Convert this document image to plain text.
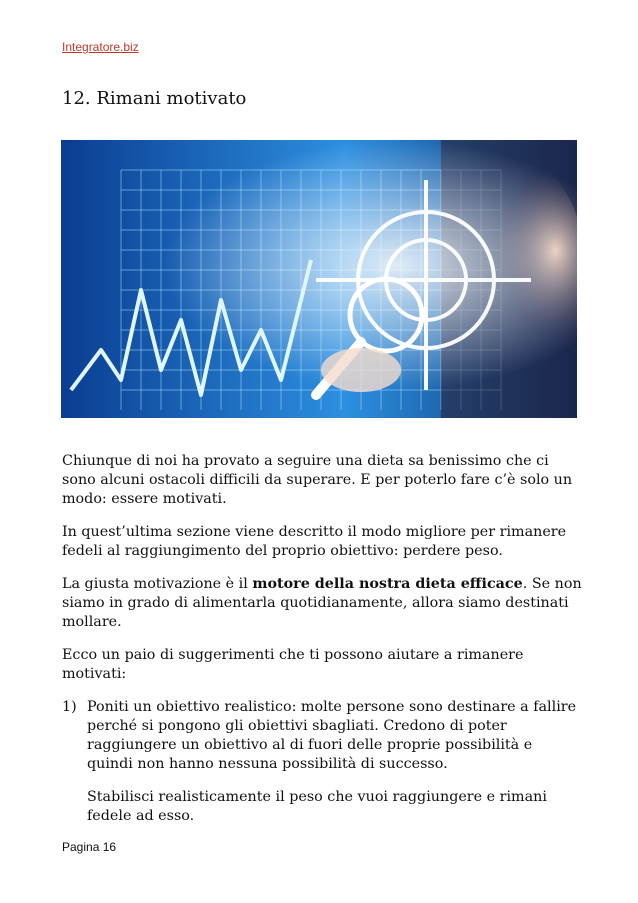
Integratore.biz
12. Rimani motivato

Chiunque di noi ha provato a seguire una dieta sa benissimo che ci sono alcuni ostacoli difficili da superare. E per poterlo fare c’è solo un modo: essere motivati.

In quest’ultima sezione viene descritto il modo migliore per rimanere fedeli al raggiungimento del proprio obiettivo: perdere peso.

La giusta motivazione è il motore della nostra dieta efficace. Se non siamo in grado di alimentarla quotidianamente, allora siamo destinati mollare.

Ecco un paio di suggerimenti che ti possono aiutare a rimanere motivati:

1) Poniti un obiettivo realistico: molte persone sono destinare a fallire perché si pongono gli obiettivi sbagliati. Credono di poter raggiungere un obiettivo al di fuori delle proprie possibilità e quindi non hanno nessuna possibilità di successo.

Stabilisci realisticamente il peso che vuoi raggiungere e rimani fedele ad esso.

Pagina 16
